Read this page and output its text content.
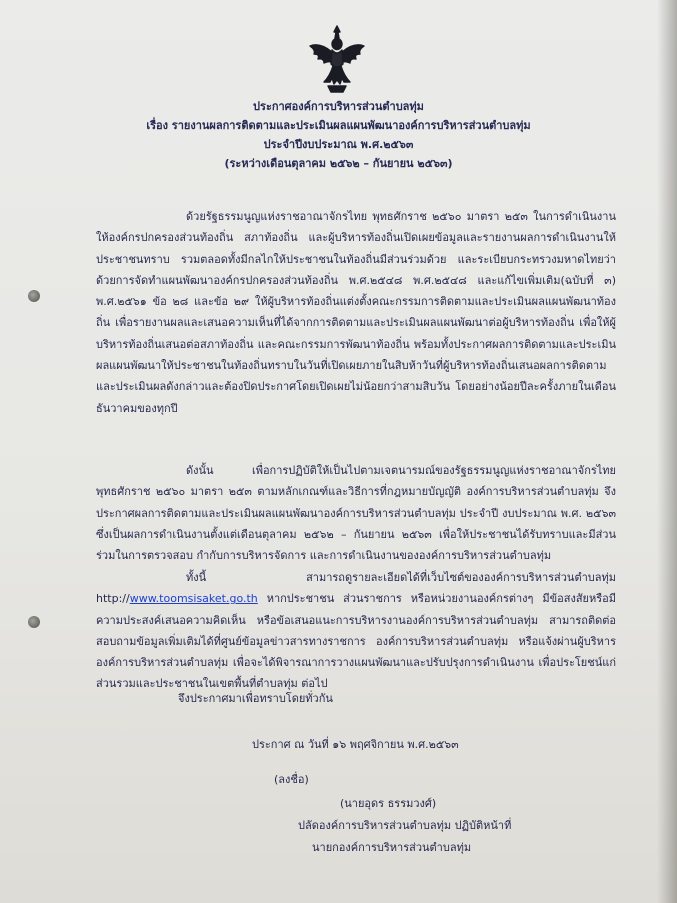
ประกาศองค์การบริหารส่วนตำบลทุ่ม
เรื่อง รายงานผลการติดตามและประเมินผลแผนพัฒนาองค์การบริหารส่วนตำบลทุ่ม
ประจำปีงบประมาณ พ.ศ.๒๕๖๓
(ระหว่างเดือนตุลาคม ๒๕๖๒ – กันยายน ๒๕๖๓)

ด้วยรัฐธรรมนูญแห่งราชอาณาจักรไทย พุทธศักราช ๒๕๖๐ มาตรา ๒๕๓ ในการดำเนินงาน ให้องค์กรปกครองส่วนท้องถิ่น สภาท้องถิ่น และผู้บริหารท้องถิ่นเปิดเผยข้อมูลและรายงานผลการดำเนินงานให้ประชาชนทราบ รวมตลอดทั้งมีกลไกให้ประชาชนในท้องถิ่นมีส่วนร่วมด้วย และระเบียบกระทรวงมหาดไทยว่าด้วยการจัดทำแผนพัฒนาองค์กรปกครองส่วนท้องถิ่น พ.ศ.๒๕๔๘ พ.ศ.๒๕๔๘ และแก้ไขเพิ่มเติม(ฉบับที่ ๓) พ.ศ.๒๕๖๑ ข้อ ๒๘ และข้อ ๒๙ ให้ผู้บริหารท้องถิ่นแต่งตั้งคณะกรรมการติดตามและประเมินผลแผนพัฒนาท้องถิ่น เพื่อรายงานผลและเสนอความเห็นที่ได้จากการติดตามและประเมินผลแผนพัฒนาต่อผู้บริหารท้องถิ่น เพื่อให้ผู้บริหารท้องถิ่นเสนอต่อสภาท้องถิ่น และคณะกรรมการพัฒนาท้องถิ่น พร้อมทั้งประกาศผลการติดตามและประเมินผลแผนพัฒนาให้ประชาชนในท้องถิ่นทราบในวันที่เปิดเผยภายในสิบห้าวันที่ผู้บริหารท้องถิ่นเสนอผลการติดตามและประเมินผลดังกล่าวและต้องปิดประกาศโดยเปิดเผยไม่น้อยกว่าสามสิบวัน โดยอย่างน้อยปีละครั้งภายในเดือนธันวาคมของทุกปี

ดังนั้น เพื่อการปฏิบัติให้เป็นไปตามเจตนารมณ์ของรัฐธรรมนูญแห่งราชอาณาจักรไทย พุทธศักราช ๒๕๖๐ มาตรา ๒๕๓ ตามหลักเกณฑ์และวิธีการที่กฎหมายบัญญัติ องค์การบริหารส่วนตำบลทุ่ม จึงประกาศผลการติดตามและประเมินผลแผนพัฒนาองค์การบริหารส่วนตำบลทุ่ม ประจำปี งบประมาณ พ.ศ. ๒๕๖๓ ซึ่งเป็นผลการดำเนินงานตั้งแต่เดือนตุลาคม ๒๕๖๒ – กันยายน ๒๕๖๓ เพื่อให้ประชาชนได้รับทราบและมีส่วนร่วมในการตรวจสอบ กำกับการบริหารจัดการ และการดำเนินงานขององค์การบริหารส่วนตำบลทุ่ม

ทั้งนี้ สามารถดูรายละเอียดได้ที่เว็บไซต์ขององค์การบริหารส่วนตำบลทุ่ม http://www.toomsisaket.go.th หากประชาชน ส่วนราชการ หรือหน่วยงานองค์กรต่างๆ มีข้อสงสัยหรือมีความประสงค์เสนอความคิดเห็น หรือข้อเสนอแนะการบริหารงานองค์การบริหารส่วนตำบลทุ่ม สามารถติดต่อสอบถามข้อมูลเพิ่มเติมได้ที่ศูนย์ข้อมูลข่าวสารทางราชการ องค์การบริหารส่วนตำบลทุ่ม หรือแจ้งผ่านผู้บริหารองค์การบริหารส่วนตำบลทุ่ม เพื่อจะได้พิจารณาการวางแผนพัฒนาและปรับปรุงการดำเนินงาน เพื่อประโยชน์แก่ส่วนรวมและประชาชนในเขตพื้นที่ตำบลทุ่ม ต่อไป

จึงประกาศมาเพื่อทราบโดยทั่วกัน
ประกาศ ณ วันที่ ๑๖ พฤศจิกายน พ.ศ.๒๕๖๓
(ลงชื่อ)
(นายอุดร ธรรมวงศ์)
ปลัดองค์การบริหารส่วนตำบลทุ่ม ปฏิบัติหน้าที่
นายกองค์การบริหารส่วนตำบลทุ่ม
